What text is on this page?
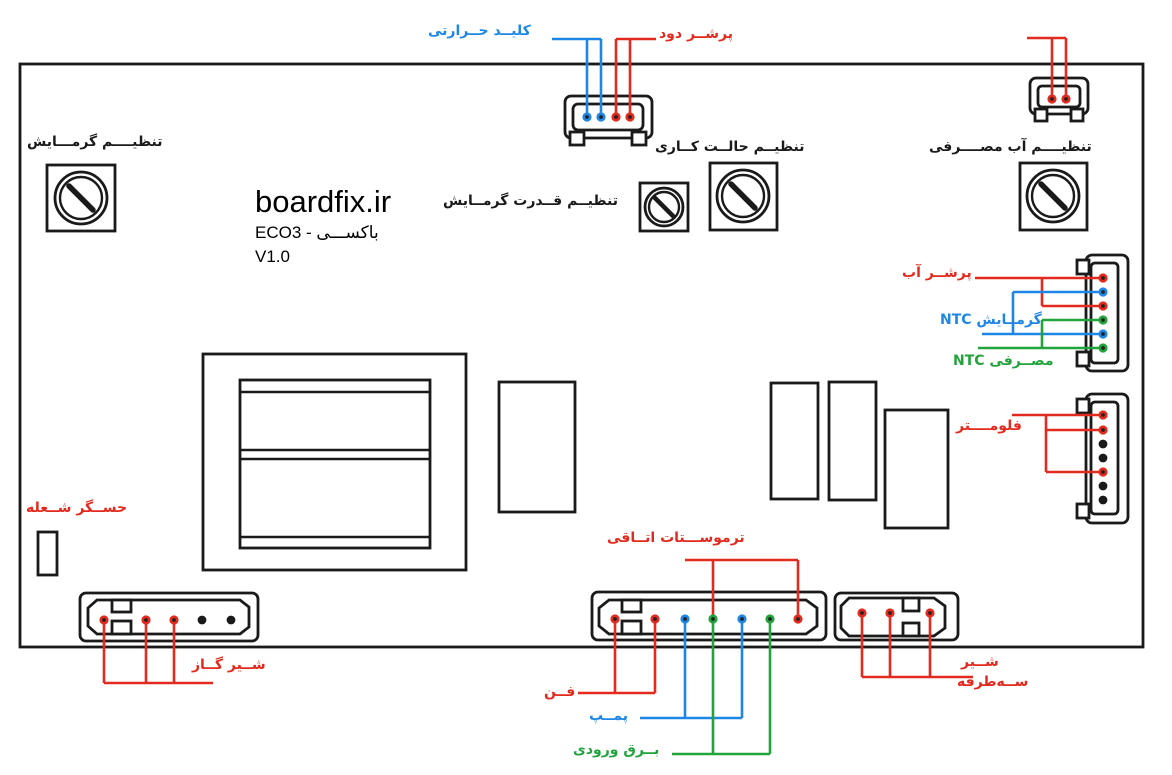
boardfix.ir
ECO3 - باکســـی
V1.0
تنظیــــم گرمـــایش
تنظیــم قــدرت گرمــایش
تنظیــم حالــت کــاری	تنظیــــم آب مصــــرفی
کلیــد حــرارتی	پرشــر دود
پرشــر آب
NTC گرمــایش
NTC مصــرفی
فلومــــتر
حســگر شــعله
شــیر گــاز
ترموســـتات اتــاقی
فــن
پمــپ
بــرق ورودی
شــیر
ســه‌طرفه
